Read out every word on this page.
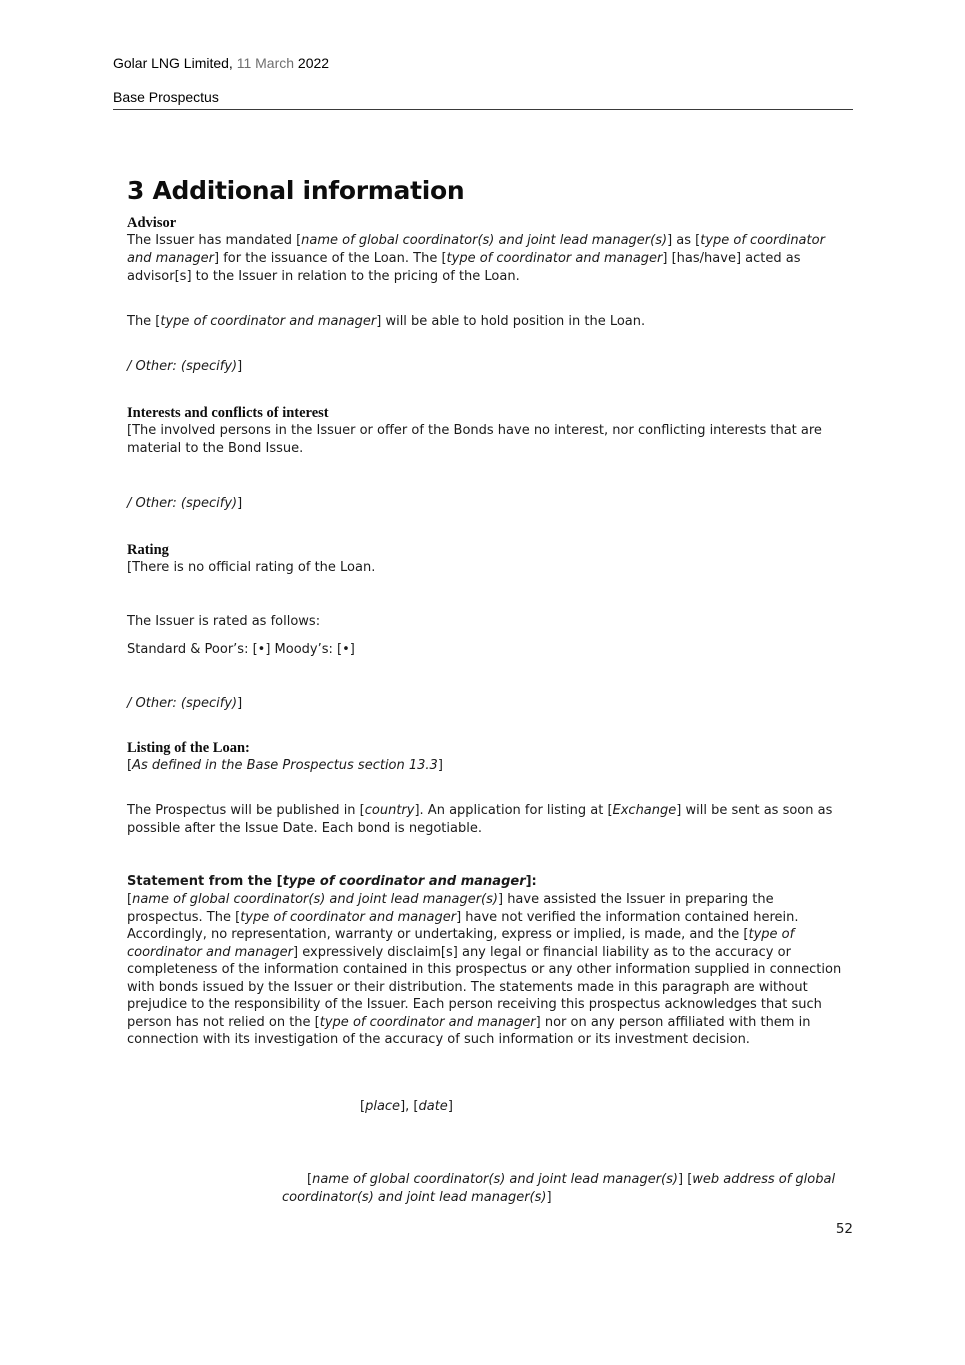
Golar LNG Limited, 11 March 2022
Base Prospectus
3 Additional information
Advisor

The Issuer has mandated [name of global coordinator(s) and joint lead manager(s)] as [type of coordinator and manager] for the issuance of the Loan. The [type of coordinator and manager] [has/have] acted as advisor[s] to the Issuer in relation to the pricing of the Loan.

The [type of coordinator and manager] will be able to hold position in the Loan.

/ Other: (specify)]

Interests and conflicts of interest

[The involved persons in the Issuer or offer of the Bonds have no interest, nor conflicting interests that are material to the Bond Issue.

/ Other: (specify)]

Rating

[There is no official rating of the Loan.

The Issuer is rated as follows:

Standard & Poor’s: [•] Moody’s: [•]

/ Other: (specify)]

Listing of the Loan:

[As defined in the Base Prospectus section 13.3]

The Prospectus will be published in [country]. An application for listing at [Exchange] will be sent as soon as possible after the Issue Date. Each bond is negotiable.

Statement from the [type of coordinator and manager]:

[name of global coordinator(s) and joint lead manager(s)] have assisted the Issuer in preparing the prospectus. The [type of coordinator and manager] have not verified the information contained herein. Accordingly, no representation, warranty or undertaking, express or implied, is made, and the [type of coordinator and manager] expressively disclaim[s] any legal or financial liability as to the accuracy or completeness of the information contained in this prospectus or any other information supplied in connection with bonds issued by the Issuer or their distribution. The statements made in this paragraph are without prejudice to the responsibility of the Issuer. Each person receiving this prospectus acknowledges that such person has not relied on the [type of coordinator and manager] nor on any person affiliated with them in connection with its investigation of the accuracy of such information or its investment decision.

[place], [date]

[name of global coordinator(s) and joint lead manager(s)] [web address of global coordinator(s) and joint lead manager(s)]

52
